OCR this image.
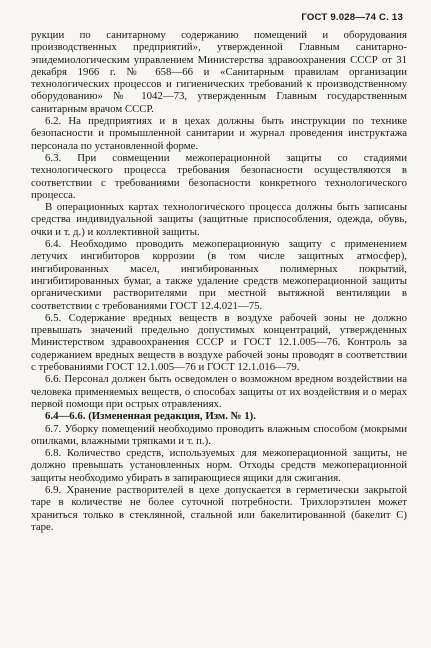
ГОСТ 9.028—74 С. 13

рукции по санитарному содержанию помещений и оборудования производственных предприятий», утвержденной Главным санитарно-эпидемиологическим управлением Министерства здравоохранения СССР от 31 декабря 1966 г. № 658—66 и «Санитарным правилам организации технологических процессов и гигиенических требований к производственному оборудованию» № 1042—73, утвержденным Главным государственным санитарным врачом СССР.

6.2. На предприятиях и в цехах должны быть инструкции по технике безопасности и промышленной санитарии и журнал проведения инструктажа персонала по установленной форме.

6.3. При совмещении межоперационной защиты со стадиями технологического процесса требования безопасности осуществляются в соответствии с требованиями безопасности конкретного технологического процесса.

В операционных картах технологического процесса должны быть записаны средства индивидуальной защиты (защитные приспособления, одежда, обувь, очки и т. д.) и коллективной защиты.

6.4. Необходимо проводить межоперационную защиту с применением летучих ингибиторов коррозии (в том числе защитных атмосфер), ингибированных масел, ингибированных полимерных покрытий, ингибитированных бумаг, а также удаление средств межоперационной защиты органическими растворителями при местной вытяжной вентиляции в соответствии с требованиями ГОСТ 12.4.021—75.

6.5. Содержание вредных веществ в воздухе рабочей зоны не должно превышать значений предельно допустимых концентраций, утвержденных Министерством здравоохранения СССР и ГОСТ 12.1.005—76. Контроль за содержанием вредных веществ в воздухе рабочей зоны проводят в соответствии с требованиями ГОСТ 12.1.005—76 и ГОСТ 12.1.016—79.

6.6. Персонал должен быть осведомлен о возможном вредном воздействии на человека применяемых веществ, о способах защиты от их воздействия и о мерах первой помощи при острых отравлениях.

6.4—6.6. (Измененная редакция, Изм. № 1).

6.7. Уборку помещений необходимо проводить влажным способом (мокрыми опилками, влажными тряпками и т. п.).

6.8. Количество средств, используемых для межоперационной защиты, не должно превышать установленных норм. Отходы средств межоперационной защиты необходимо убирать в запирающиеся ящики для сжигания.

6.9. Хранение растворителей в цехе допускается в герметически закрытой таре в количестве не более суточной потребности. Трихлорэтилен может храниться только в стеклянной, стальной или бакелитированной (бакелит С) таре.
